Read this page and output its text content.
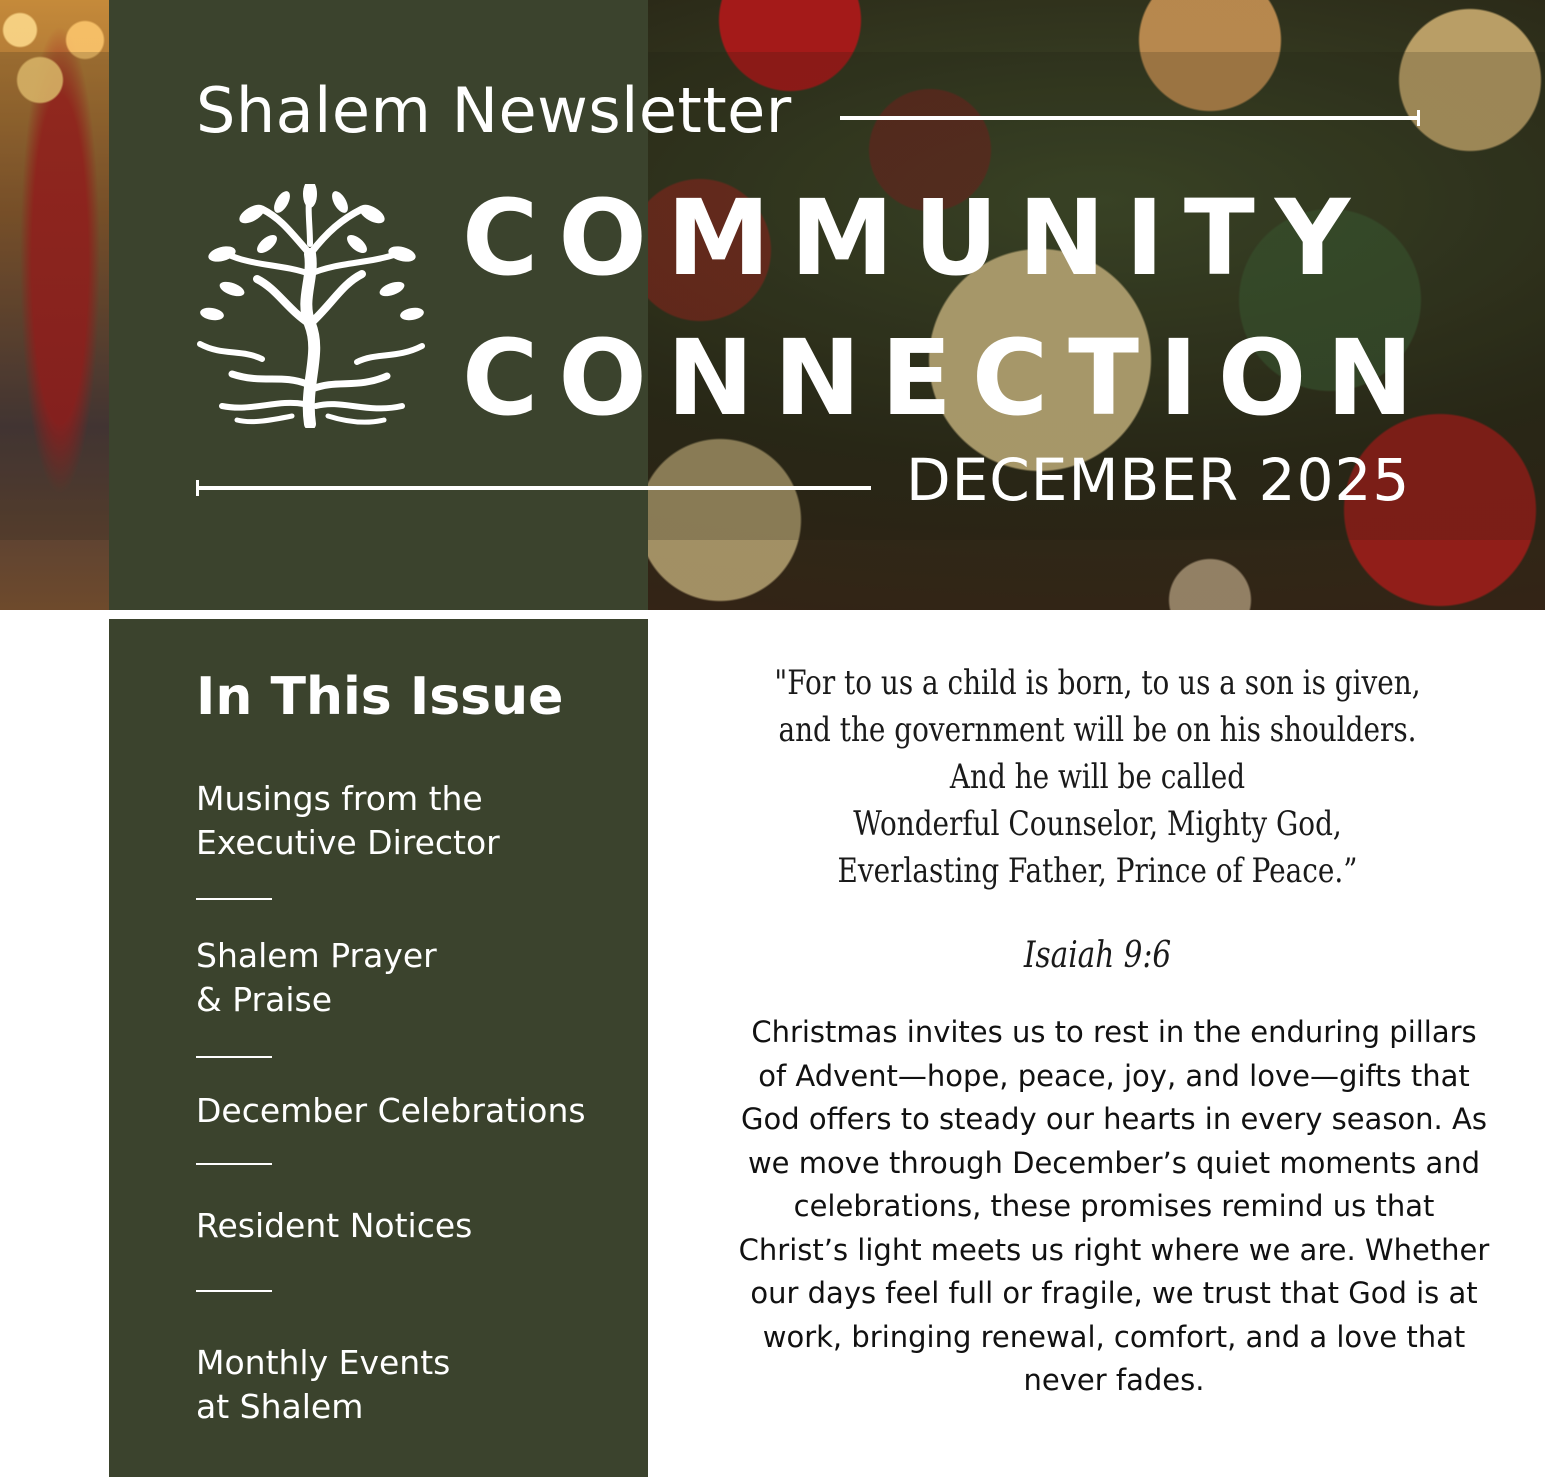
Shalem Newsletter
COMMUNITY
CONNECTION
DECEMBER 2025
In This Issue
Musings from the
Executive Director
Shalem Prayer
& Praise
December Celebrations
Resident Notices
Monthly Events
at Shalem
"For to us a child is born, to us a son is given,
and the government will be on his shoulders.
And he will be called
Wonderful Counselor, Mighty God,
Everlasting Father, Prince of Peace.”
Isaiah 9:6
Christmas invites us to rest in the enduring pillars of Advent—hope, peace, joy, and love—gifts that God offers to steady our hearts in every season. As we move through December’s quiet moments and celebrations, these promises remind us that Christ’s light meets us right where we are. Whether our days feel full or fragile, we trust that God is at work, bringing renewal, comfort, and a love that never fades.
